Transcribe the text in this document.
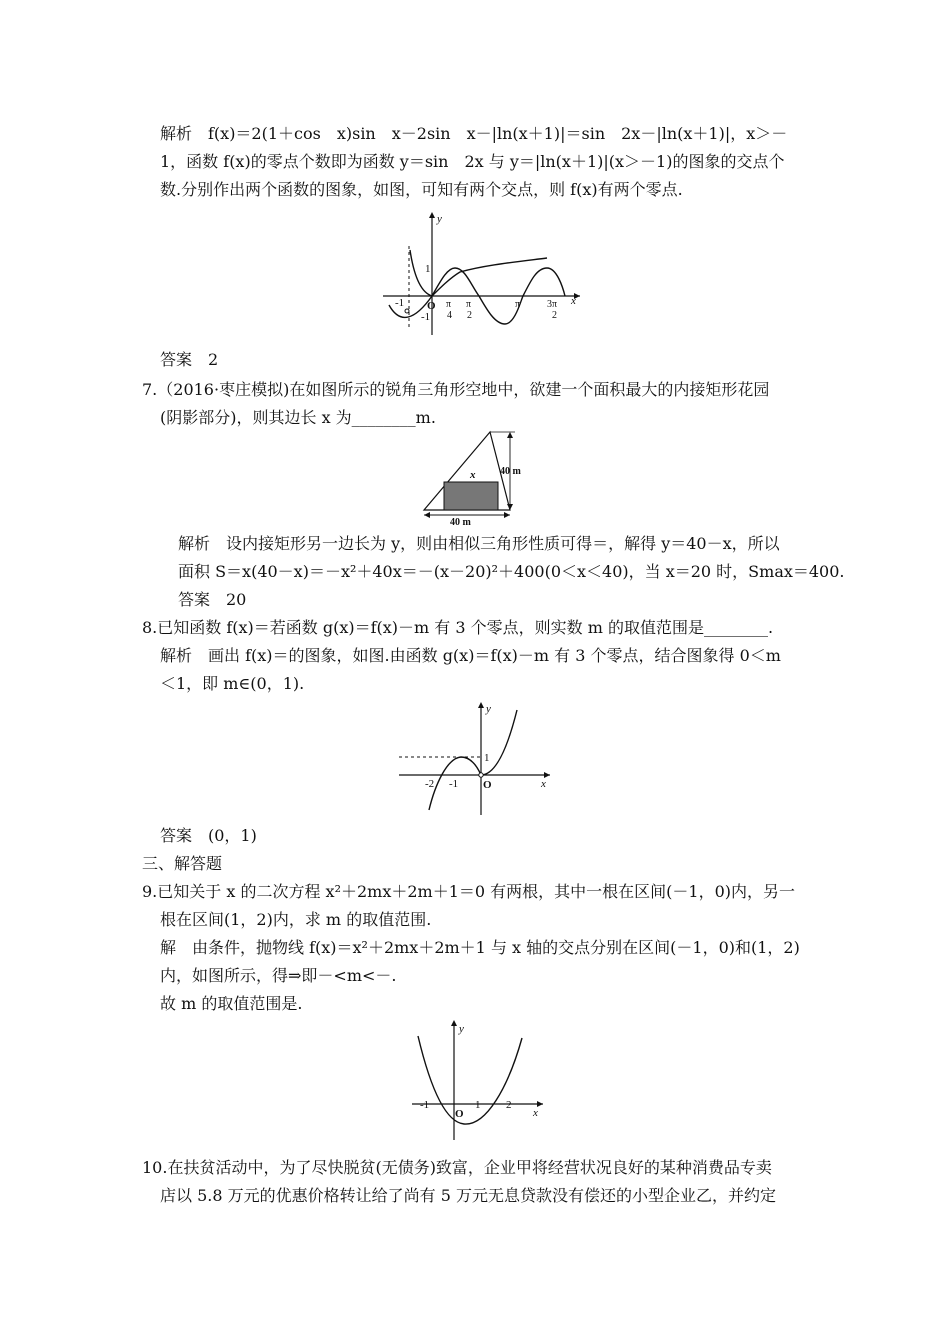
解析　f(x)＝2(1＋cos　x)sin　x－2sin　x－|ln(x＋1)|＝sin　2x－|ln(x＋1)|，x＞－
1，函数 f(x)的零点个数即为函数 y＝sin　2x 与 y＝|ln(x＋1)|(x＞－1)的图象的交点个
数.分别作出两个函数的图象，如图，可知有两个交点，则 f(x)有两个零点.
y
x
1
-1 O π
4
π
2
π	3π
2
-1
答案　2
7.（2016·枣庄模拟)在如图所示的锐角三角形空地中，欲建一个面积最大的内接矩形花园
(阴影部分)，则其边长 x 为________m.
x 40 m
40 m
解析　设内接矩形另一边长为 y，则由相似三角形性质可得＝，解得 y＝40－x，所以
面积 S＝x(40－x)＝－x²＋40x＝－(x－20)²＋400(0＜x＜40)，当 x＝20 时，Smax＝400.
答案　20
8.已知函数 f(x)＝若函数 g(x)＝f(x)－m 有 3 个零点，则实数 m 的取值范围是________.
解析　画出 f(x)＝的图象，如图.由函数 g(x)＝f(x)－m 有 3 个零点，结合图象得 0＜m
＜1，即 m∈(0，1).
y
x
1
-2 -1 O
答案　(0，1)
三、解答题
9.已知关于 x 的二次方程 x²＋2mx＋2m＋1＝0 有两根，其中一根在区间(－1，0)内，另一
根在区间(1，2)内，求 m 的取值范围.
解　由条件，抛物线 f(x)＝x²＋2mx＋2m＋1 与 x 轴的交点分别在区间(－1，0)和(1，2)
内，如图所示，得⇒即－<m<－.
故 m 的取值范围是.
y
x
-1
O
1 2
10.在扶贫活动中，为了尽快脱贫(无债务)致富，企业甲将经营状况良好的某种消费品专卖
店以 5.8 万元的优惠价格转让给了尚有 5 万元无息贷款没有偿还的小型企业乙，并约定
